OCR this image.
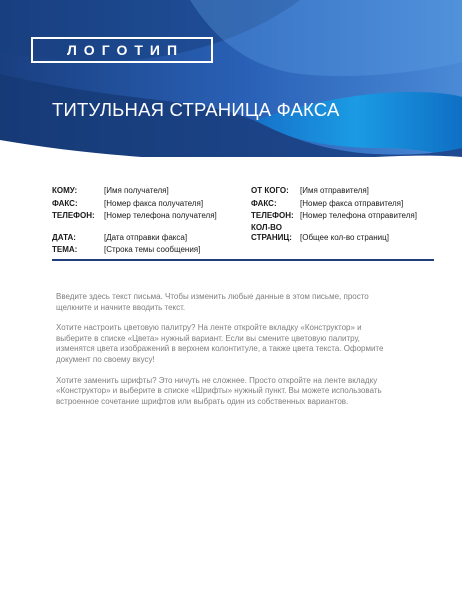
ЛОГОТИП
ТИТУЛЬНАЯ СТРАНИЦА ФАКСА
КОМУ:	[Имя получателя]
ФАКС:	[Номер факса получателя]
ТЕЛЕФОН: [Номер телефона получателя]
ДАТА:	[Дата отправки факса]
ТЕМА:	[Строка темы сообщения]
ОТ КОГО: [Имя отправителя]
ФАКС:	[Номер факса отправителя]
ТЕЛЕФОН: [Номер телефона отправителя]
КОЛ-ВО
СТРАНИЦ: [Общее кол-во страниц]

Введите здесь текст письма. Чтобы изменить любые данные в этом письме, просто щелкните и начните вводить текст.

Хотите настроить цветовую палитру? На ленте откройте вкладку «Конструктор» и выберите в списке «Цвета» нужный вариант. Если вы смените цветовую палитру, изменятся цвета изображений в верхнем колонтитуле, а также цвета текста. Оформите документ по своему вкусу!

Хотите заменить шрифты? Это ничуть не сложнее. Просто откройте на ленте вкладку «Конструктор» и выберите в списке «Шрифты» нужный пункт. Вы можете использовать встроенное сочетание шрифтов или выбрать один из собственных вариантов.
